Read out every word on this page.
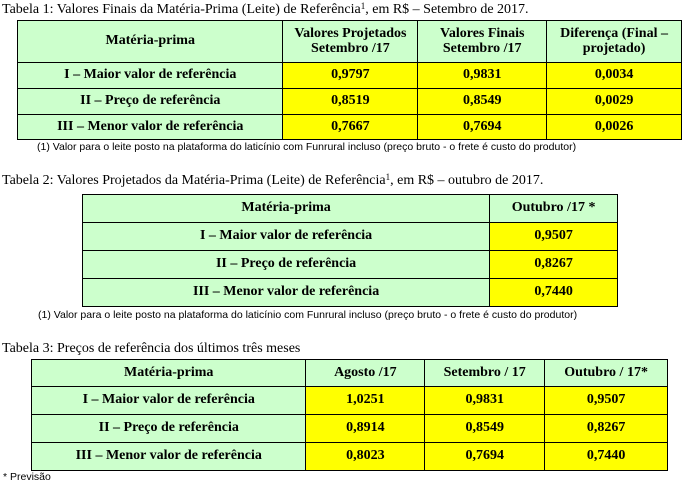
Tabela 1: Valores Finais da Matéria-Prima (Leite) de Referência$^1$, em R$ – Setembro de 2017.
Matéria-prima	Valores Projetados Setembro /17	Valores Finais Setembro /17	Diferença (Final – projetado)
I – Maior valor de referência	0,9797	0,9831	0,0034
II – Preço de referência	0,8519	0,8549	0,0029
III – Menor valor de referência	0,7667	0,7694	0,0026
(1) Valor para o leite posto na plataforma do laticínio com Funrural incluso (preço bruto - o frete é custo do produtor)
Tabela 2: Valores Projetados da Matéria-Prima (Leite) de Referência$^1$, em R$ – outubro de 2017.
Matéria-prima	Outubro /17 *
I – Maior valor de referência	0,9507
II – Preço de referência	0,8267
III – Menor valor de referência	0,7440
(1) Valor para o leite posto na plataforma do laticínio com Funrural incluso (preço bruto - o frete é custo do produtor)
Tabela 3: Preços de referência dos últimos três meses
Matéria-prima	Agosto /17	Setembro / 17	Outubro / 17*
I – Maior valor de referência	1,0251	0,9831	0,9507
II – Preço de referência	0,8914	0,8549	0,8267
III – Menor valor de referência	0,8023	0,7694	0,7440
* Previsão
